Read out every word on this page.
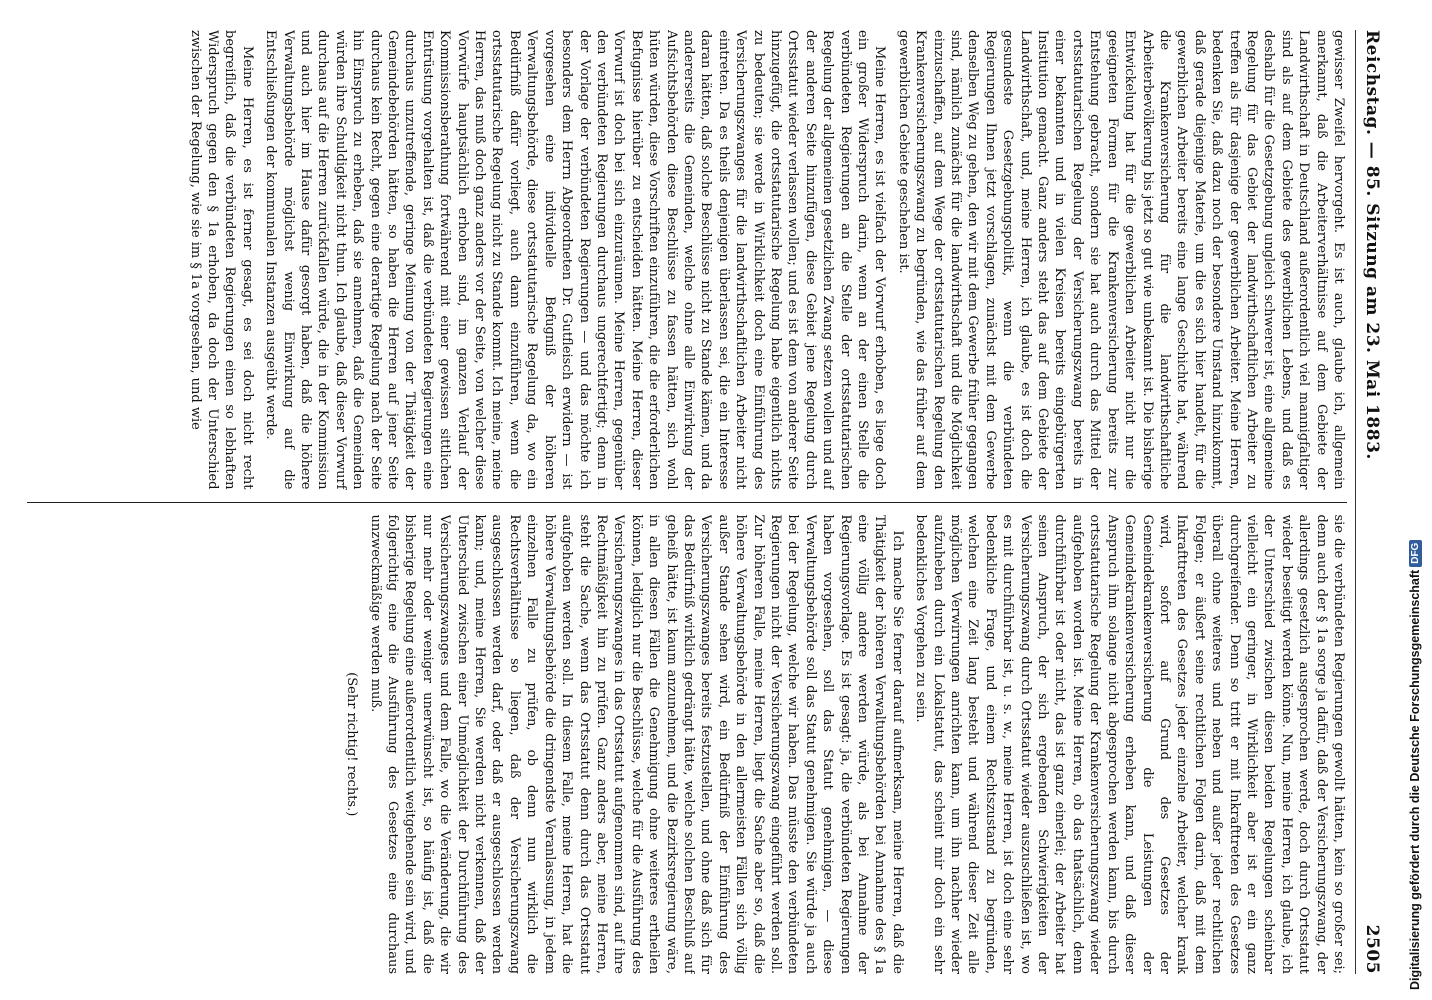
Reichstag. — 85. Sitzung am 23. Mai 1883.
2505

gewisser Zweifel hervorgeht. Es ist auch, glaube ich, allgemein anerkannt, daß die Arbeiterverhältnisse auf dem Gebiete der Landwirthschaft in Deutschland außerordentlich viel mannigfaltiger sind als auf dem Gebiete des gewerblichen Lebens, und daß es deshalb für die Gesetzgebung ungleich schwerer ist, eine allgemeine Regelung für das Gebiet der landwirthschaftlichen Arbeiter zu treffen als für dasjenige der gewerblichen Arbeiter. Meine Herren, bedenken Sie, daß dazu noch der besondere Umstand hinzukommt, daß gerade diejenige Materie, um die es sich hier handelt, für die gewerblichen Arbeiter bereits eine lange Geschichte hat, während die Krankenversicherung für die landwirthschaftliche Arbeiterbevölkerung bis jetzt so gut wie unbekannt ist. Die bisherige Entwickelung hat für die gewerblichen Arbeiter nicht nur die geeigneten Formen für die Krankenversicherung bereits zur Entstehung gebracht, sondern sie hat auch durch das Mittel der ortsstatutarischen Regelung der Versicherungszwang bereits in einer bekannten und in vielen Kreisen bereits eingebürgerten Institution gemacht. Ganz anders steht das auf dem Gebiete der Landwirthschaft, und, meine Herren, ich glaube, es ist doch die gesundeste Gesetzgebungspolitik, wenn die verbündeten Regierungen Ihnen jetzt vorschlagen, zunächst mit dem Gewerbe denselben Weg zu gehen, den wir mit dem Gewerbe früher gegangen sind, nämlich zunächst für die landwirthschaft und die Möglichkeit einzuschaffen, auf dem Wege der ortsstatutarischen Regelung den Krankenversicherungszwang zu begründen, wie das früher auf dem gewerblichen Gebiete geschehen ist.

Meine Herren, es ist vielfach der Vorwurf erhoben, es liege doch ein großer Widerspruch darin, wenn an der einen Stelle die verbündeten Regierungen an die Stelle der ortsstatutarischen Regelung der allgemeinen gesetzlichen Zwang setzen wollen und auf der anderen Seite hinzufügen, diese Gebiet jene Regelung durch Ortsstatut wieder verlassen wollen; und es ist dem von anderer Seite hinzugefügt, die ortsstatutarische Regelung habe eigentlich nichts zu bedeuten; sie werde in Wirklichkeit doch eine Einführung des Versicherungszwanges für die landwirthschaftlichen Arbeiter nicht eintreten. Da es theils denjenigen überlassen sei, die ein Interesse daran hätten, daß solche Beschlüsse nicht zu Stande kämen, und da andererseits die Gemeinden, welche ohne alle Einwirkung der Aufsichtsbehörden diese Beschlüsse zu fassen hätten, sich wohl hüten würden, diese Vorschriften einzuführen, die die erforderlichen Befugnisse hierüber zu entscheiden hätten. Meine Herren, dieser Vorwurf ist doch bei sich einzuräumen. Meine Herren, gegenüber den verbündeten Regierungen durchaus ungerechtfertigt; denn in der Vorlage der verbündeten Regierungen — und das möchte ich besonders dem Herrn Abgeordneten Dr. Gutfleisch erwidern — ist vorgesehen eine individuelle Befugniß der höheren Verwaltungsbehörde, diese ortsstatutarische Regelung da, wo ein Bedürfniß dafür vorliegt, auch dann einzuführen, wenn die ortsstatutarische Regelung nicht zu Stande kommt. Ich meine, meine Herren, das muß doch ganz anders vor der Seite, von welcher diese Vorwürfe hauptsächlich erhoben sind, im ganzen Verlauf der Kommissionsberathung fortwährend mit einer gewissen sittlichen Entrüstung vorgehalten ist, daß die verbündeten Regierungen eine durchaus unzutreffende, geringe Meinung von der Thätigkeit der Gemeindebehörden hätten, so haben die Herren auf jener Seite durchaus kein Recht, gegen eine derartige Regelung nach der Seite hin Einspruch zu erheben, daß sie annehmen, daß die Gemeinden würden ihre Schuldigkeit nicht thun. Ich glaube, daß dieser Vorwurf durchaus auf die Herren zurückfallen würde, die in der Kommission und auch hier im Hause dafür gesorgt haben, daß die höhere Verwaltungsbehörde möglichst wenig Einwirkung auf die Entschließungen der kommunalen Instanzen ausgeübt werde.

Meine Herren, es ist ferner gesagt, es sei doch nicht recht begreiflich, daß die verbündeten Regierungen einen so lebhaften Widerspruch gegen den § 1a erhoben, da doch der Unterschied zwischen der Regelung, wie sie im § 1a vorgesehen, und wie

sie die verbündeten Regierungen gewollt hätten, kein so großer sei; denn auch der § 1a sorge ja dafür, daß der Versicherungszwang, der allerdings gesetzlich ausgesprochen werde, doch durch Ortsstatut wieder beseitigt werden könne. Nun, meine Herren, ich glaube, ich der Unterschied zwischen diesen beiden Regelungen scheinbar vielleicht ein geringer, in Wirklichkeit aber ist er ein ganz durchgreifender. Denn so tritt er mit Inkrafttreten des Gesetzes überall ohne weiteres und neben und außer jeder rechtlichen Folgen; er äußert seine rechtlichen Folgen darin, daß mit dem Inkrafttreten des Gesetzes jeder einzelne Arbeiter, welcher krank wird, sofort auf Grund des Gesetzes der Gemeindekrankenversicherung die Leistungen der Gemeindekrankenversicherung erheben kann, und daß dieser Anspruch ihm solange nicht abgesprochen werden kann, bis durch ortsstatutarische Regelung der Krankenversicherungszwang wieder aufgehoben worden ist. Meine Herren, ob das thatsächlich, denn durchführbar ist oder nicht, das ist ganz einerlei; der Arbeiter hat seinen Anspruch, der sich ergebenden Schwierigkeiten der Versicherungszwang durch Ortsstatut wieder auszuschließen ist, wo es mit durchführbar ist, u. s. w., meine Herren, ist doch eine sehr bedenkliche Frage, und einem Rechtszustand zu begründen, welchen eine Zeit lang besteht und während dieser Zeit alle möglichen Verwirrungen anrichten kann, um ihn nachher wieder aufzuheben durch ein Lokalstatut, das scheint mir doch ein sehr bedenkliches Vorgehen zu sein.

Ich mache Sie ferner darauf aufmerksam, meine Herren, daß die Thätigkeit der höheren Verwaltungsbehörden bei Annahme des § 1a eine völlig andere werden würde, als bei Annahme der Regierungsvorlage. Es ist gesagt: ja, die verbündeten Regierungen haben vorgesehen, soll das Statut genehmigen, — diese Verwaltungsbehörde soll das Statut genehmigen. Sie würde ja auch bei der Regelung, welche wir haben. Das müsste den verbündeten Regierungen nicht der Versicherungszwang eingeführt werden soll. Zur höheren Falle, meine Herren, liegt die Sache aber so, daß die höhere Verwaltungsbehörde in den allermeisten Fällen sich völlig außer Stande sehen wird, ein Bedürfniß der Einführung des Versicherungszwanges bereits festzustellen, und ohne daß sich für das Bedürfniß wirklich gedrängt hätte, welche solchen Beschluß auf geheiß hätte, ist kaum anzunehmen, und die Bezirksregierung wäre, in allen diesen Fällen die Genehmigung ohne weiteres ertheilen können, lediglich nur die Beschlüsse, welche für die Ausführung des Versicherungszwanges in das Ortsstatut aufgenommen sind, auf ihre Rechtmäßigkeit hin zu prüfen. Ganz anders aber, meine Herren, steht die Sache, wenn das Ortsstatut denn durch das Ortsstatut aufgehoben werden soll. In diesem Falle, meine Herren, hat die höhere Verwaltungsbehörde die dringendste Veranlassung, in jedem einzelnen Falle zu prüfen, ob denn nun wirklich die Rechtsverhältnisse so liegen, daß der Versicherungszwang ausgeschlossen werden darf, oder daß er ausgeschlossen werden kann; und, meine Herren, Sie werden nicht verkennen, daß der Unterschied zwischen einer Unmöglichkeit der Durchführung des Versicherungszwanges und dem Falle, wo die Veränderung, die wir nur mehr oder weniger unerwünscht ist, so häufig ist, daß die bisherige Regelung eine außerordentlich weitgehende sein wird, und folgerichtig eine die Ausführung des Gesetzes eine durchaus unzweckmäßige werden muß.

(Sehr richtig! rechts.)	Digitalisierung gefördert durch die Deutsche Forschungsgemeinschaft
DFG
